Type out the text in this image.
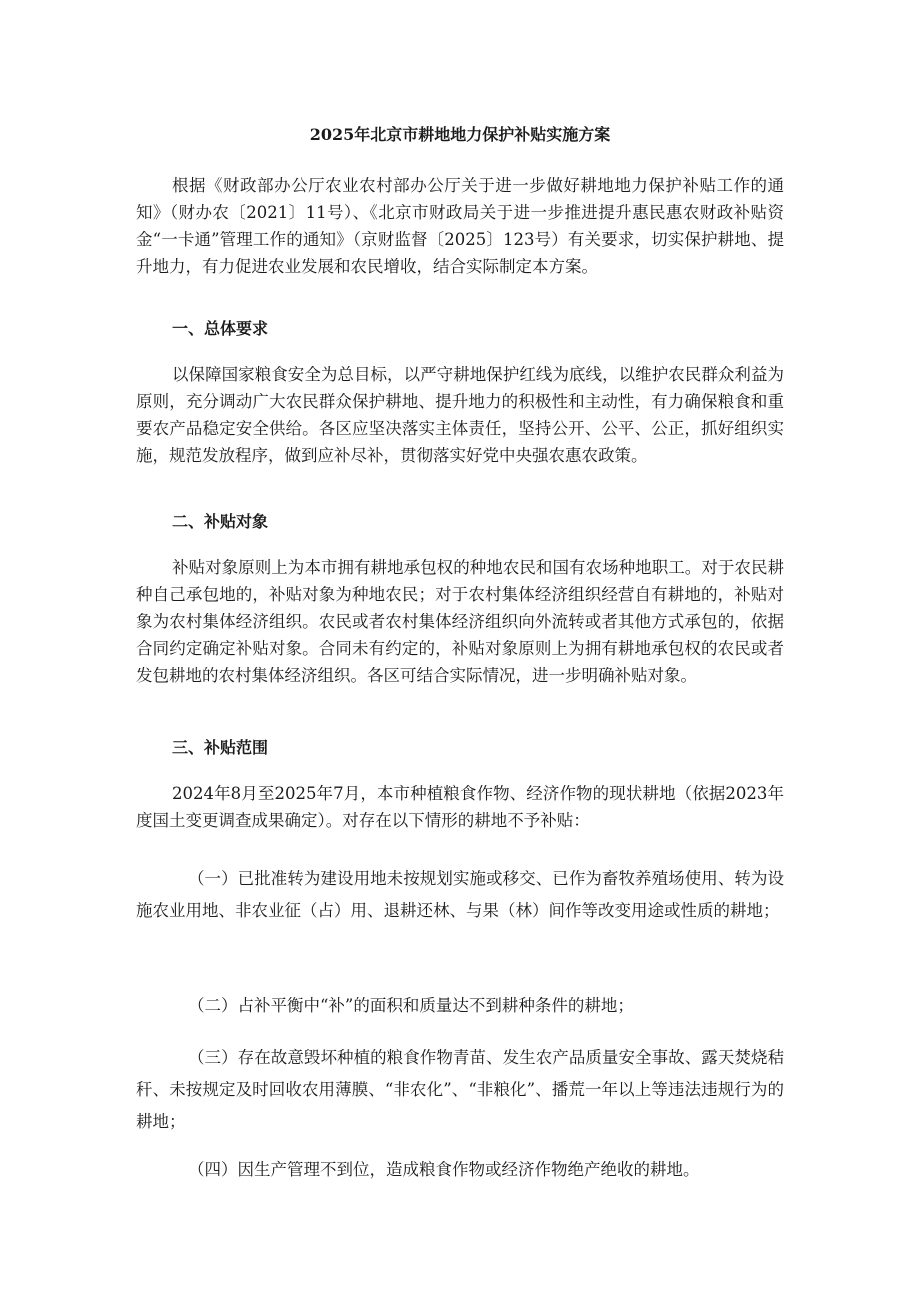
2025年北京市耕地地力保护补贴实施方案

根据《财政部办公厅农业农村部办公厅关于进一步做好耕地地力保护补贴工作的通知》（财办农〔2021〕11号）、《北京市财政局关于进一步推进提升惠民惠农财政补贴资金“一卡通”管理工作的通知》（京财监督〔2025〕123号）有关要求，切实保护耕地、提升地力，有力促进农业发展和农民增收，结合实际制定本方案。

一、总体要求

以保障国家粮食安全为总目标，以严守耕地保护红线为底线，以维护农民群众利益为原则，充分调动广大农民群众保护耕地、提升地力的积极性和主动性，有力确保粮食和重要农产品稳定安全供给。各区应坚决落实主体责任，坚持公开、公平、公正，抓好组织实施，规范发放程序，做到应补尽补，贯彻落实好党中央强农惠农政策。

二、补贴对象

补贴对象原则上为本市拥有耕地承包权的种地农民和国有农场种地职工。对于农民耕种自己承包地的，补贴对象为种地农民；对于农村集体经济组织经营自有耕地的，补贴对象为农村集体经济组织。农民或者农村集体经济组织向外流转或者其他方式承包的，依据合同约定确定补贴对象。合同未有约定的，补贴对象原则上为拥有耕地承包权的农民或者发包耕地的农村集体经济组织。各区可结合实际情况，进一步明确补贴对象。

三、补贴范围

2024年8月至2025年7月，本市种植粮食作物、经济作物的现状耕地（依据2023年度国土变更调查成果确定）。对存在以下情形的耕地不予补贴：

（一）已批准转为建设用地未按规划实施或移交、已作为畜牧养殖场使用、转为设施农业用地、非农业征（占）用、退耕还林、与果（林）间作等改变用途或性质的耕地；

（二）占补平衡中“补”的面积和质量达不到耕种条件的耕地；

（三）存在故意毁坏种植的粮食作物青苗、发生农产品质量安全事故、露天焚烧秸秆、未按规定及时回收农用薄膜、“非农化”、“非粮化”、播荒一年以上等违法违规行为的耕地；

（四）因生产管理不到位，造成粮食作物或经济作物绝产绝收的耕地。
